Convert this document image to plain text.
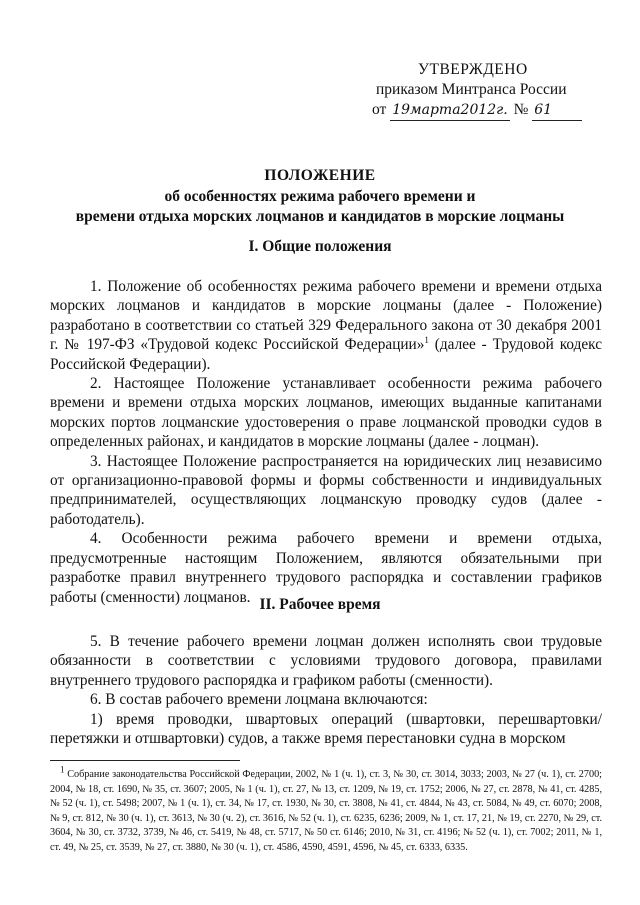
УТВЕРЖДЕНО
приказом Минтранса России
от 19марта2012г. № 61
ПОЛОЖЕНИЕ
об особенностях режима рабочего времени и
времени отдыха морских лоцманов и кандидатов в морские лоцманы
I. Общие положения

1. Положение об особенностях режима рабочего времени и времени отдыха морских лоцманов и кандидатов в морские лоцманы (далее - Положение) разработано в соответствии со статьей 329 Федерального закона от 30 декабря 2001 г. № 197-ФЗ «Трудовой кодекс Российской Федерации»$^1$ (далее - Трудовой кодекс Российской Федерации).

2. Настоящее Положение устанавливает особенности режима рабочего времени и времени отдыха морских лоцманов, имеющих выданные капитанами морских портов лоцманские удостоверения о праве лоцманской проводки судов в определенных районах, и кандидатов в морские лоцманы (далее - лоцман).

3. Настоящее Положение распространяется на юридических лиц независимо от организационно-правовой формы и формы собственности и индивидуальных предпринимателей, осуществляющих лоцманскую проводку судов (далее - работодатель).

4. Особенности режима рабочего времени и времени отдыха, предусмотренные настоящим Положением, являются обязательными при разработке правил внутреннего трудового распорядка и составлении графиков работы (сменности) лоцманов. II. Рабочее время

5. В течение рабочего времени лоцман должен исполнять свои трудовые обязанности в соответствии с условиями трудового договора, правилами внутреннего трудового распорядка и графиком работы (сменности).

6. В состав рабочего времени лоцмана включаются:

1) время проводки, швартовых операций (швартовки, перешвартовки/ перетяжки и отшвартовки) судов, а также время перестановки судна в морском

$^1$ Собрание законодательства Российской Федерации, 2002, № 1 (ч. 1), ст. 3, № 30, ст. 3014, 3033; 2003, № 27 (ч. 1), ст. 2700; 2004, № 18, ст. 1690, № 35, ст. 3607; 2005, № 1 (ч. 1), ст. 27, № 13, ст. 1209, № 19, ст. 1752; 2006, № 27, ст. 2878, № 41, ст. 4285, № 52 (ч. 1), ст. 5498; 2007, № 1 (ч. 1), ст. 34, № 17, ст. 1930, № 30, ст. 3808, № 41, ст. 4844, № 43, ст. 5084, № 49, ст. 6070; 2008, № 9, ст. 812, № 30 (ч. 1), ст. 3613, № 30 (ч. 2), ст. 3616, № 52 (ч. 1), ст. 6235, 6236; 2009, № 1, ст. 17, 21, № 19, ст. 2270, № 29, ст. 3604, № 30, ст. 3732, 3739, № 46, ст. 5419, № 48, ст. 5717, № 50 ст. 6146; 2010, № 31, ст. 4196; № 52 (ч. 1), ст. 7002; 2011, № 1, ст. 49, № 25, ст. 3539, № 27, ст. 3880, № 30 (ч. 1), ст. 4586, 4590, 4591, 4596, № 45, ст. 6333, 6335.
